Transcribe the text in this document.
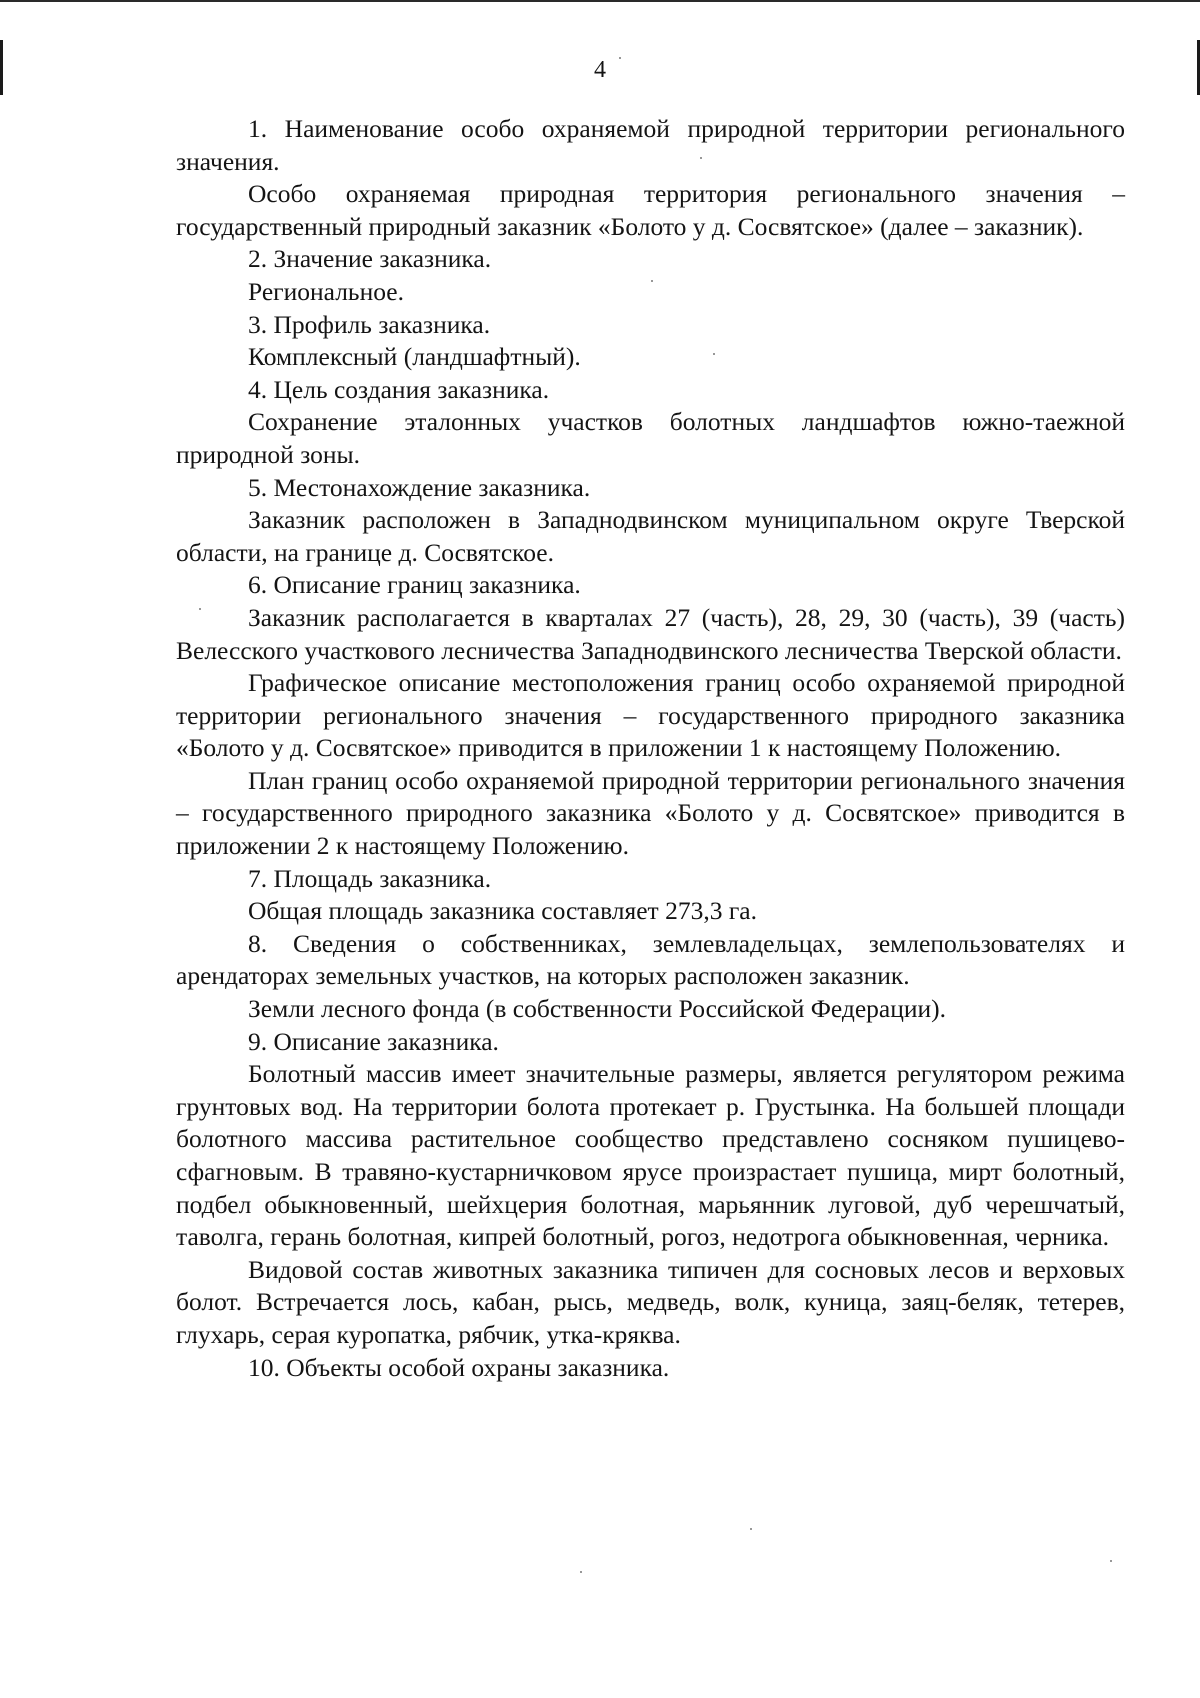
4

1. Наименование особо охраняемой природной территории регионального значения.

Особо охраняемая природная территория регионального значения – государственный природный заказник «Болото у д. Сосвятское» (далее – заказник).

2. Значение заказника.

Региональное.

3. Профиль заказника.

Комплексный (ландшафтный).

4. Цель создания заказника.

Сохранение эталонных участков болотных ландшафтов южно-таежной природной зоны.

5. Местонахождение заказника.

Заказник расположен в Западнодвинском муниципальном округе Тверской области, на границе д. Сосвятское.

6. Описание границ заказника.

Заказник располагается в кварталах 27 (часть), 28, 29, 30 (часть), 39 (часть) Велесского участкового лесничества Западнодвинского лесничества Тверской области.

Графическое описание местоположения границ особо охраняемой природной территории регионального значения – государственного природного заказника «Болото у д. Сосвятское» приводится в приложении 1 к настоящему Положению.

План границ особо охраняемой природной территории регионального значения – государственного природного заказника «Болото у д. Сосвятское» приводится в приложении 2 к настоящему Положению.

7. Площадь заказника.

Общая площадь заказника составляет 273,3 га.

8. Сведения о собственниках, землевладельцах, землепользователях и арендаторах земельных участков, на которых расположен заказник.

Земли лесного фонда (в собственности Российской Федерации).

9. Описание заказника.

Болотный массив имеет значительные размеры, является регулятором режима грунтовых вод. На территории болота протекает р. Грустынка. На большей площади болотного массива растительное сообщество представлено сосняком пушицево-сфагновым. В травяно-кустарничковом ярусе произрастает пушица, мирт болотный, подбел обыкновенный, шейхцерия болотная, марьянник луговой, дуб черешчатый, таволга, герань болотная, кипрей болотный, рогоз, недотрога обыкновенная, черника.

Видовой состав животных заказника типичен для сосновых лесов и верховых болот. Встречается лось, кабан, рысь, медведь, волк, куница, заяц-беляк, тетерев, глухарь, серая куропатка, рябчик, утка-кряква.

10. Объекты особой охраны заказника.
